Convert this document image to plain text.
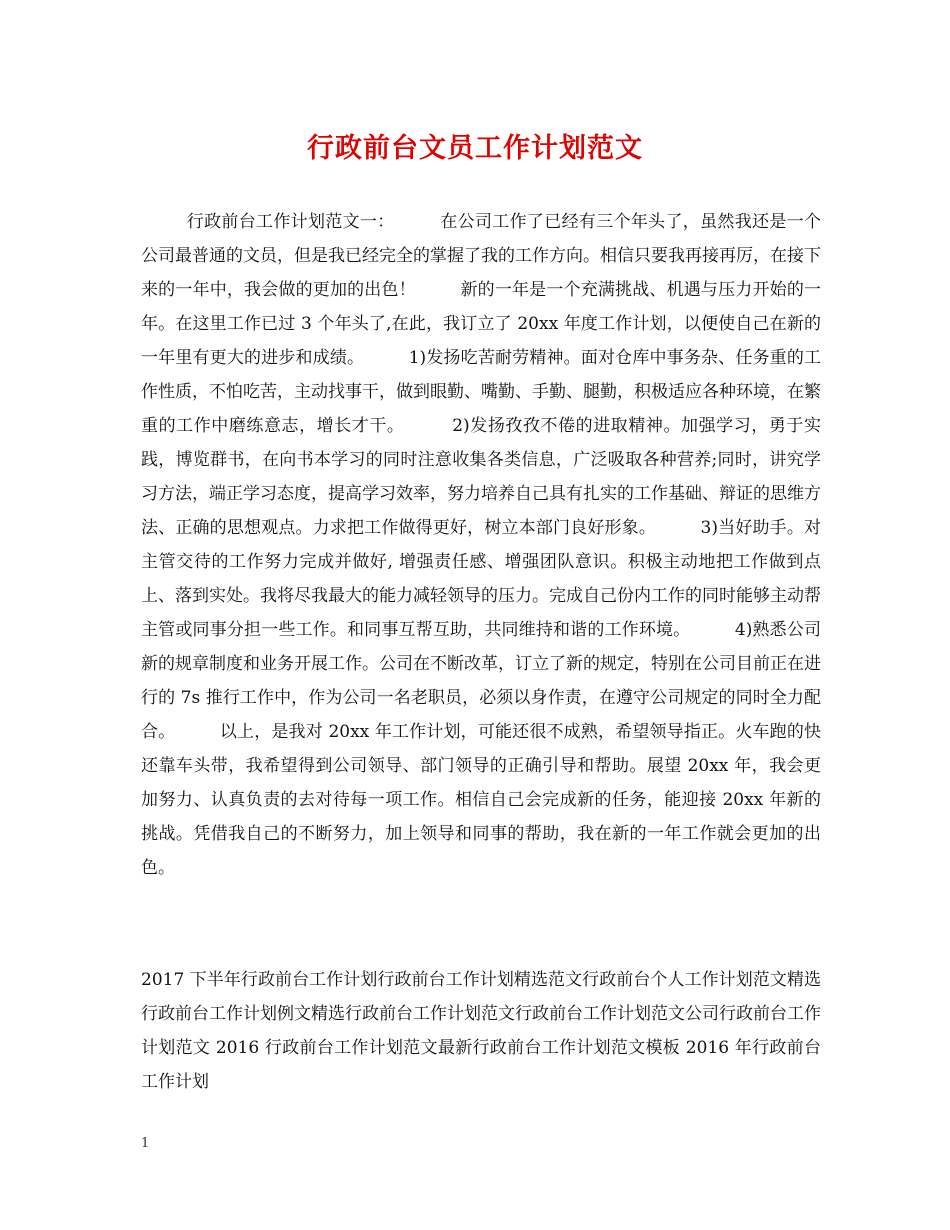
行政前台文员工作计划范文

行政前台工作计划范文一：        在公司工作了已经有三个年头了，虽然我还是一个公司最普通的文员，但是我已经完全的掌握了我的工作方向。相信只要我再接再厉，在接下来的一年中，我会做的更加的出色！        新的一年是一个充满挑战、机遇与压力开始的一年。在这里工作已过 3 个年头了,在此，我订立了 20xx 年度工作计划，以便使自己在新的一年里有更大的进步和成绩。        1)发扬吃苦耐劳精神。面对仓库中事务杂、任务重的工作性质，不怕吃苦，主动找事干，做到眼勤、嘴勤、手勤、腿勤，积极适应各种环境，在繁重的工作中磨练意志，增长才干。        2)发扬孜孜不倦的进取精神。加强学习，勇于实践，博览群书，在向书本学习的同时注意收集各类信息，广泛吸取各种营养;同时，讲究学习方法，端正学习态度，提高学习效率，努力培养自己具有扎实的工作基础、辩证的思维方法、正确的思想观点。力求把工作做得更好，树立本部门良好形象。        3)当好助手。对主管交待的工作努力完成并做好, 增强责任感、增强团队意识。积极主动地把工作做到点上、落到实处。我将尽我最大的能力减轻领导的压力。完成自己份内工作的同时能够主动帮主管或同事分担一些工作。和同事互帮互助，共同维持和谐的工作环境。        4)熟悉公司新的规章制度和业务开展工作。公司在不断改革，订立了新的规定，特别在公司目前正在进行的 7s 推行工作中，作为公司一名老职员，必须以身作责，在遵守公司规定的同时全力配合。        以上，是我对 20xx 年工作计划，可能还很不成熟，希望领导指正。火车跑的快还靠车头带，我希望得到公司领导、部门领导的正确引导和帮助。展望 20xx 年，我会更加努力、认真负责的去对待每一项工作。相信自己会完成新的任务，能迎接 20xx 年新的挑战。凭借我自己的不断努力，加上领导和同事的帮助，我在新的一年工作就会更加的出色。

2017 下半年行政前台工作计划行政前台工作计划精选范文行政前台个人工作计划范文精选行政前台工作计划例文精选行政前台工作计划范文行政前台工作计划范文公司行政前台工作计划范文 2016 行政前台工作计划范文最新行政前台工作计划范文模板 2016 年行政前台工作计划

1
